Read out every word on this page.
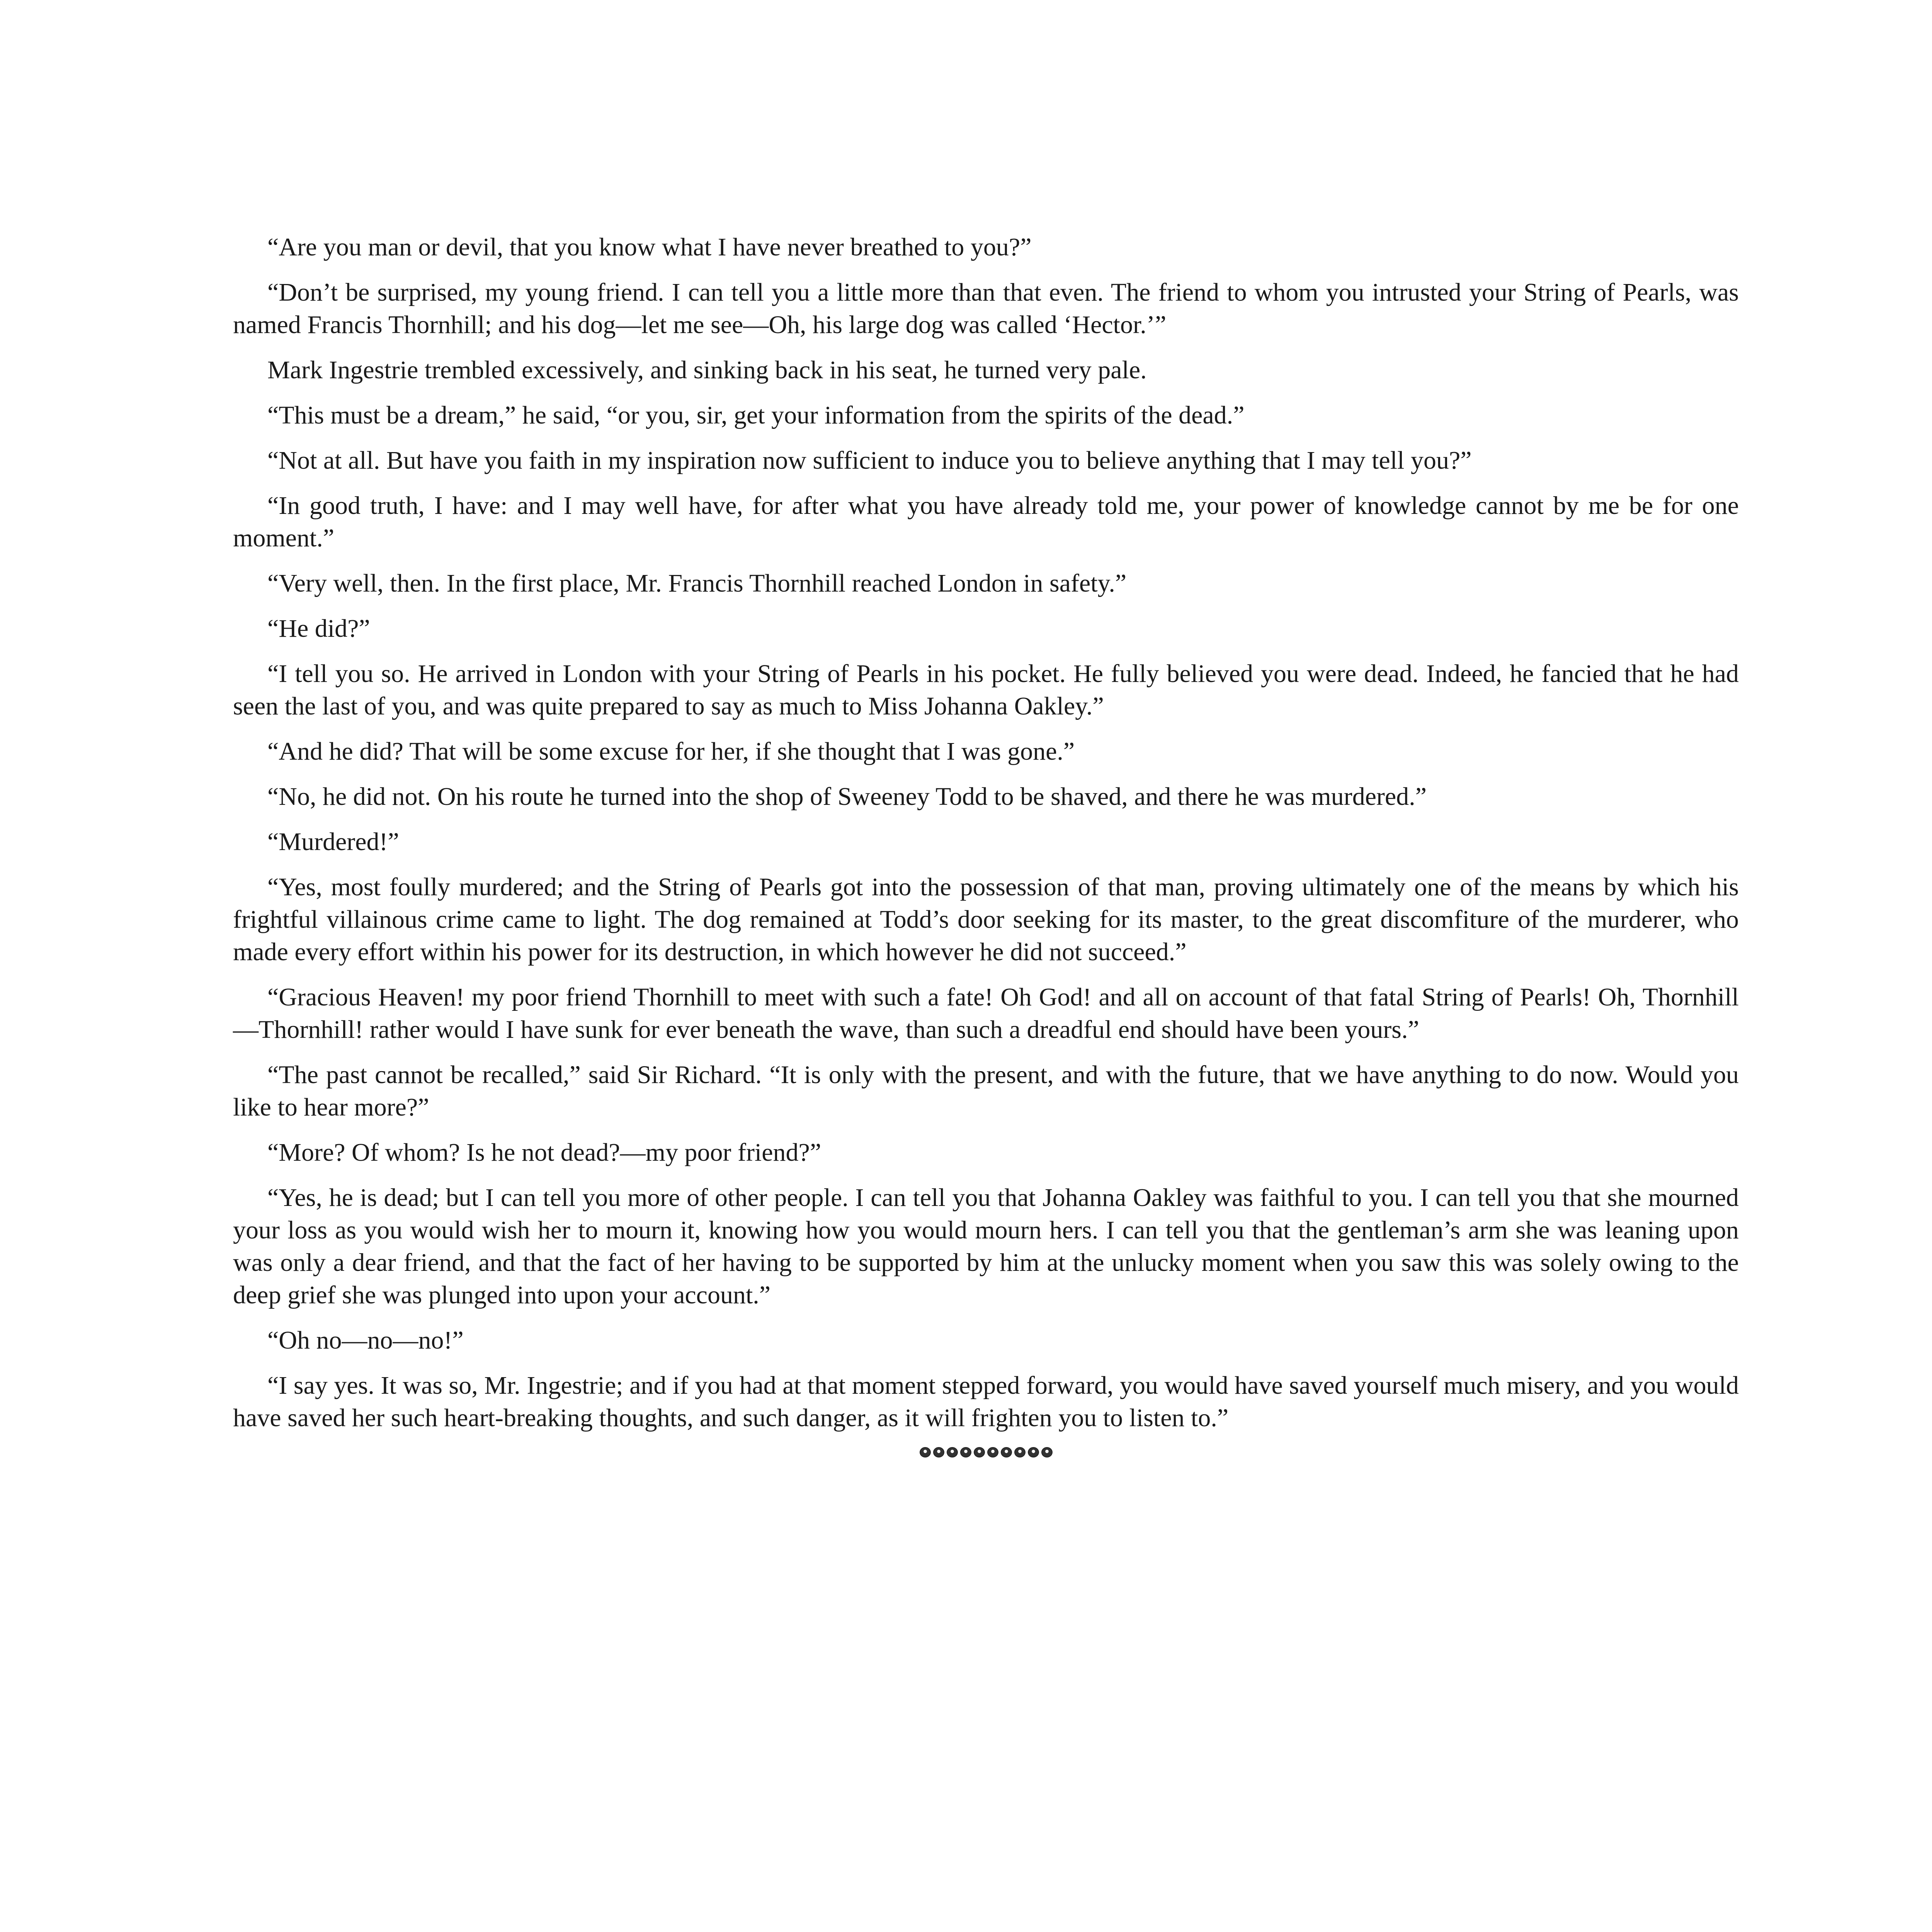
“Are you man or devil, that you know what I have never breathed to you?”

“Don’t be surprised, my young friend. I can tell you a little more than that even. The friend to whom you intrusted your String of Pearls, was named Francis Thornhill; and his dog—let me see—Oh, his large dog was called ‘Hector.’”

Mark Ingestrie trembled excessively, and sinking back in his seat, he turned very pale.

“This must be a dream,” he said, “or you, sir, get your information from the spirits of the dead.”

“Not at all. But have you faith in my inspiration now sufficient to induce you to believe anything that I may tell you?”

“In good truth, I have: and I may well have, for after what you have already told me, your power of knowledge cannot by me be for one moment.”

“Very well, then. In the first place, Mr. Francis Thornhill reached London in safety.”

“He did?”

“I tell you so. He arrived in London with your String of Pearls in his pocket. He fully believed you were dead. Indeed, he fancied that he had seen the last of you, and was quite prepared to say as much to Miss Johanna Oakley.”

“And he did? That will be some excuse for her, if she thought that I was gone.”

“No, he did not. On his route he turned into the shop of Sweeney Todd to be shaved, and there he was murdered.”

“Murdered!”

“Yes, most foully murdered; and the String of Pearls got into the possession of that man, proving ultimately one of the means by which his frightful villainous crime came to light. The dog remained at Todd’s door seeking for its master, to the great discomfiture of the murderer, who made every effort within his power for its destruction, in which however he did not succeed.”

“Gracious Heaven! my poor friend Thornhill to meet with such a fate! Oh God! and all on account of that fatal String of Pearls! Oh, Thornhill—Thornhill! rather would I have sunk for ever beneath the wave, than such a dreadful end should have been yours.”

“The past cannot be recalled,” said Sir Richard. “It is only with the present, and with the future, that we have anything to do now. Would you like to hear more?”

“More? Of whom? Is he not dead?—my poor friend?”

“Yes, he is dead; but I can tell you more of other people. I can tell you that Johanna Oakley was faithful to you. I can tell you that she mourned your loss as you would wish her to mourn it, knowing how you would mourn hers. I can tell you that the gentleman’s arm she was leaning upon was only a dear friend, and that the fact of her having to be supported by him at the unlucky moment when you saw this was solely owing to the deep grief she was plunged into upon your account.”

“Oh no—no—no!”

“I say yes. It was so, Mr. Ingestrie; and if you had at that moment stepped forward, you would have saved yourself much misery, and you would have saved her such heart-breaking thoughts, and such danger, as it will frighten you to listen to.”
